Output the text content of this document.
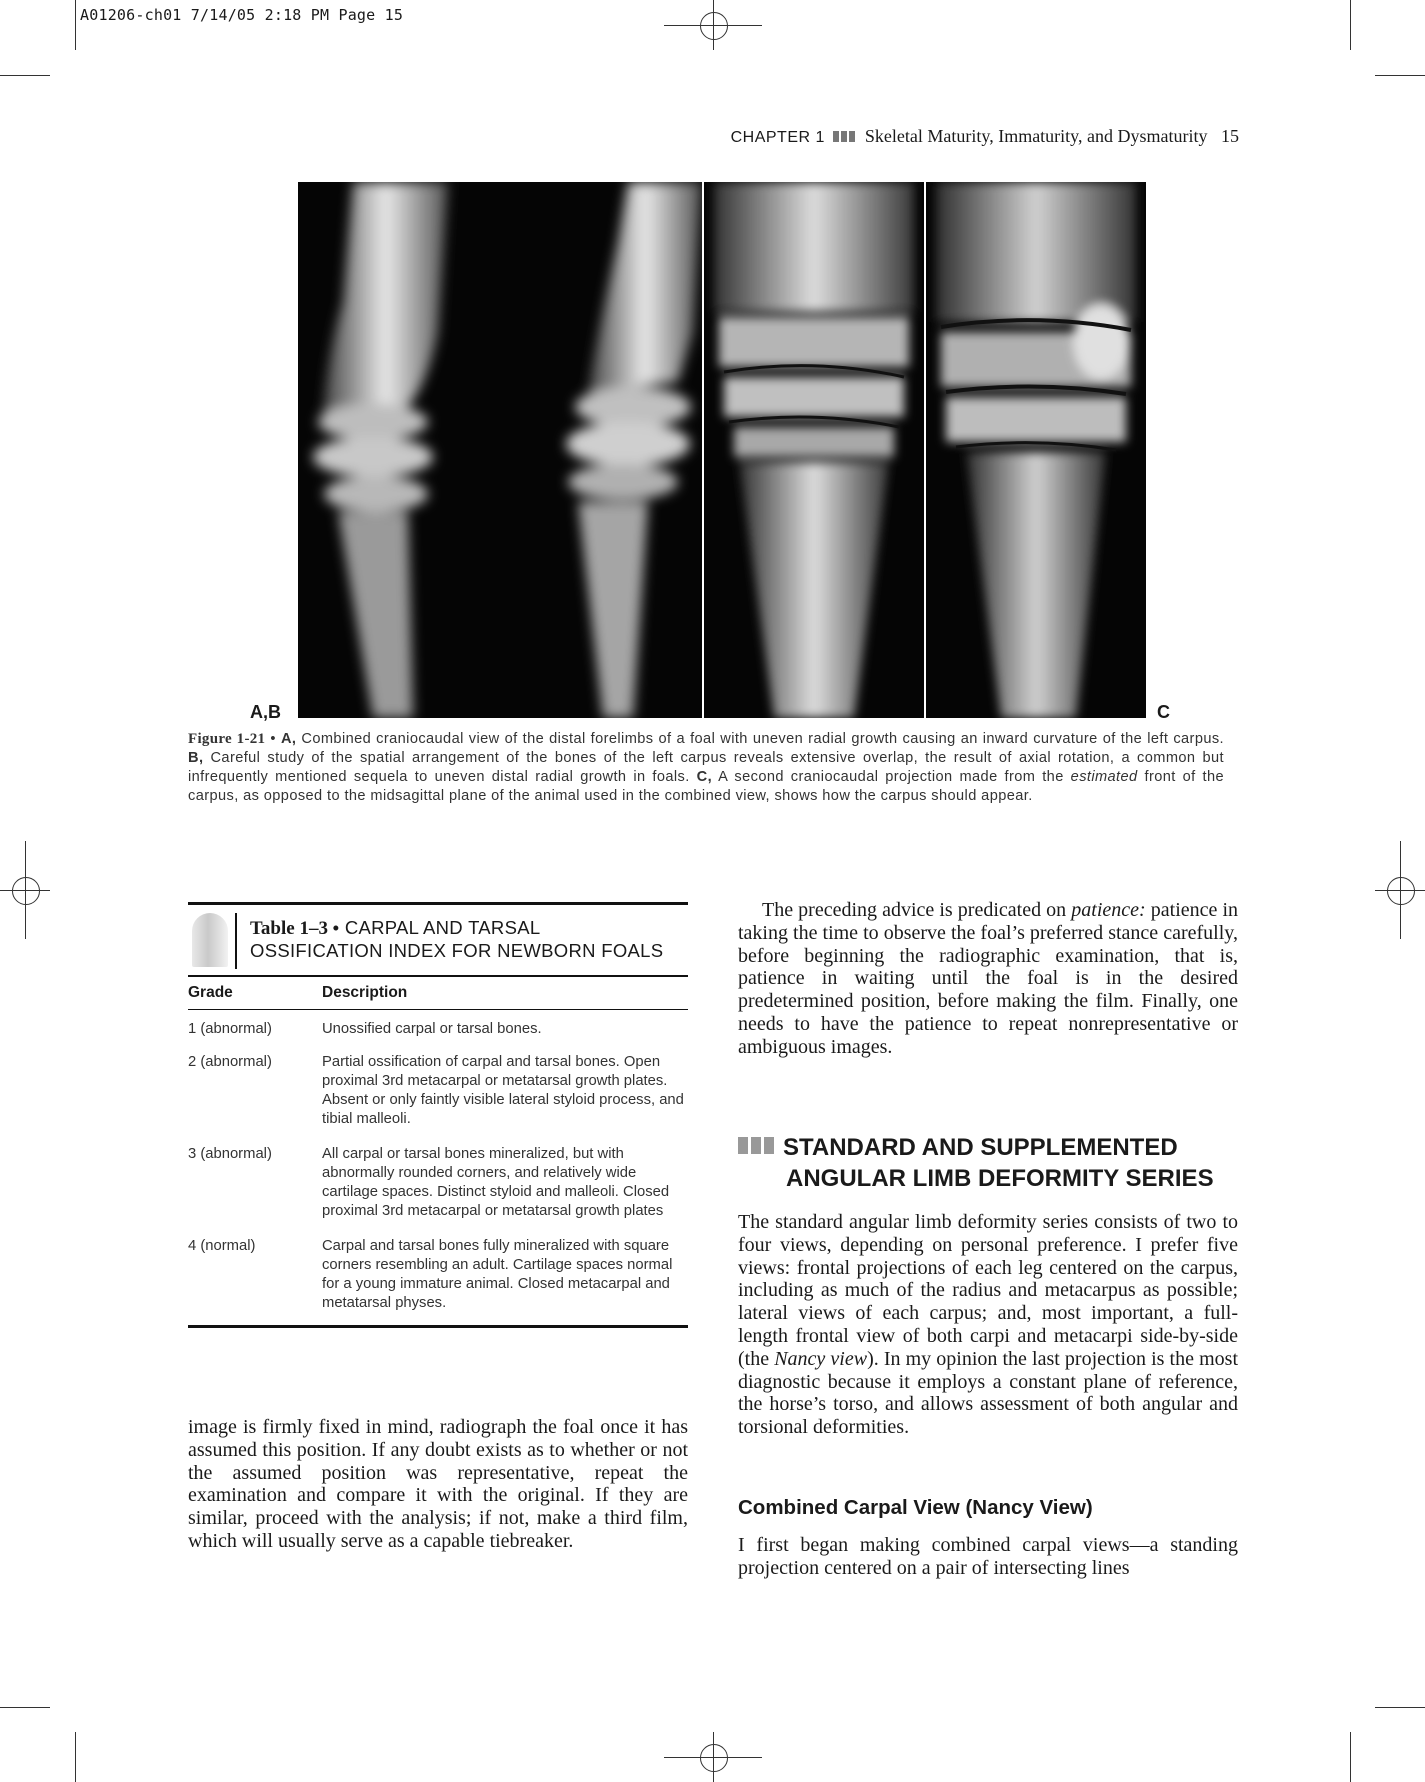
A01206-ch01 7/14/05 2:18 PM Page 15
CHAPTER 1 Skeletal Maturity, Immaturity, and Dysmaturity 15
A,B	C
Figure 1-21 • A, Combined craniocaudal view of the distal forelimbs of a foal with uneven radial growth causing an inward curvature of the left carpus. B, Careful study of the spatial arrangement of the bones of the left carpus reveals extensive overlap, the result of axial rotation, a common but infrequently mentioned sequela to uneven distal radial growth in foals. C, A second craniocaudal projection made from the estimated front of the carpus, as opposed to the midsagittal plane of the animal used in the combined view, shows how the carpus should appear.
Table 1–3 • CARPAL AND TARSAL
OSSIFICATION INDEX FOR NEWBORN FOALS
Grade	Description
1 (abnormal)	Unossified carpal or tarsal bones.
2 (abnormal)	Partial ossification of carpal and tarsal bones. Open proximal 3rd metacarpal or metatarsal growth plates. Absent or only faintly visible lateral styloid process, and tibial malleoli.
3 (abnormal)	All carpal or tarsal bones mineralized, but with abnormally rounded corners, and relatively wide cartilage spaces. Distinct styloid and malleoli. Closed proximal 3rd metacarpal or metatarsal growth plates
4 (normal)	Carpal and tarsal bones fully mineralized with square corners resembling an adult. Cartilage spaces normal for a young immature animal. Closed metacarpal and metatarsal physes.

image is firmly fixed in mind, radiograph the foal once it has assumed this position. If any doubt exists as to whether or not the assumed position was representative, repeat the examination and compare it with the original. If they are similar, proceed with the analysis; if not, make a third film, which will usually serve as a capable tiebreaker.

The preceding advice is predicated on patience: patience in taking the time to observe the foal’s preferred stance carefully, before beginning the radiographic examination, that is, patience in waiting until the foal is in the desired predetermined position, before making the film. Finally, one needs to have the patience to repeat nonrepresentative or ambiguous images.

STANDARD AND SUPPLEMENTED
ANGULAR LIMB DEFORMITY SERIES

The standard angular limb deformity series consists of two to four views, depending on personal preference. I prefer five views: frontal projections of each leg centered on the carpus, including as much of the radius and metacarpus as possible; lateral views of each carpus; and, most important, a full-length frontal view of both carpi and metacarpi side-by-side (the Nancy view). In my opinion the last projection is the most diagnostic because it employs a constant plane of reference, the horse’s torso, and allows assessment of both angular and torsional deformities.

Combined Carpal View (Nancy View)

I first began making combined carpal views—a standing projection centered on a pair of intersecting lines
